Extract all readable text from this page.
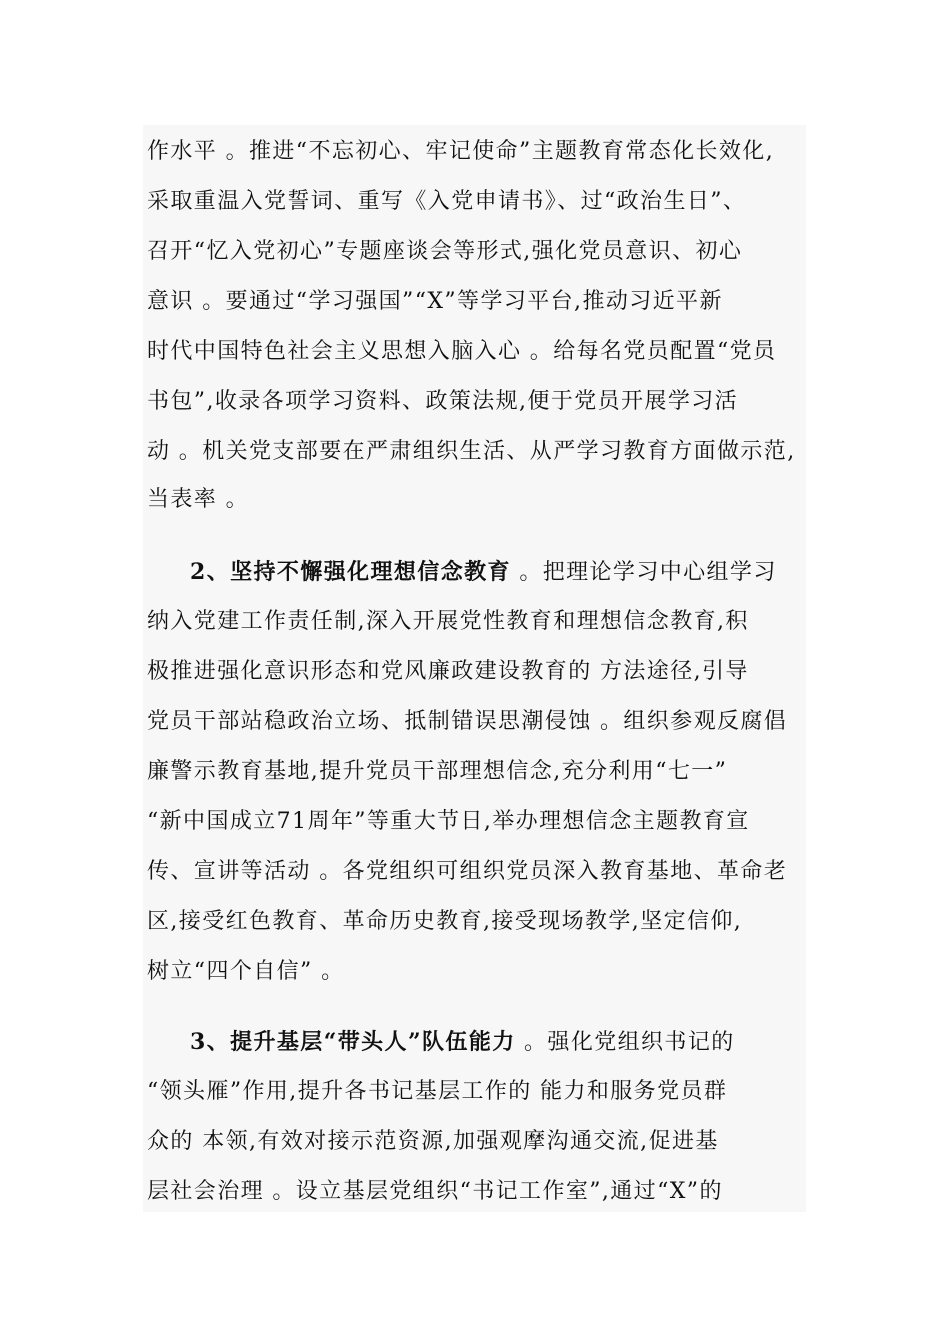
作水平 。推进“不忘初心、牢记使命”主题教育常态化长效化,
采取重温入党誓词、重写《入党申请书》、过“政治生日”、
召开“忆入党初心”专题座谈会等形式,强化党员意识、初心
意识 。要通过“学习强国”“X”等学习平台,推动习近平新
时代中国特色社会主义思想入脑入心 。给每名党员配置“党员
书包”,收录各项学习资料、政策法规,便于党员开展学习活
动 。机关党支部要在严肃组织生活、从严学习教育方面做示范,
当表率 。
2、坚持不懈强化理想信念教育 。把理论学习中心组学习
纳入党建工作责任制,深入开展党性教育和理想信念教育,积
极推进强化意识形态和党风廉政建设教育的 方法途径,引导
党员干部站稳政治立场、抵制错误思潮侵蚀 。组织参观反腐倡
廉警示教育基地,提升党员干部理想信念,充分利用“七一”
“新中国成立71周年”等重大节日,举办理想信念主题教育宣
传、宣讲等活动 。各党组织可组织党员深入教育基地、革命老
区,接受红色教育、革命历史教育,接受现场教学,坚定信仰,
树立“四个自信” 。
3、提升基层“带头人”队伍能力 。强化党组织书记的
“领头雁”作用,提升各书记基层工作的 能力和服务党员群
众的 本领,有效对接示范资源,加强观摩沟通交流,促进基
层社会治理 。设立基层党组织“书记工作室”,通过“X”的
